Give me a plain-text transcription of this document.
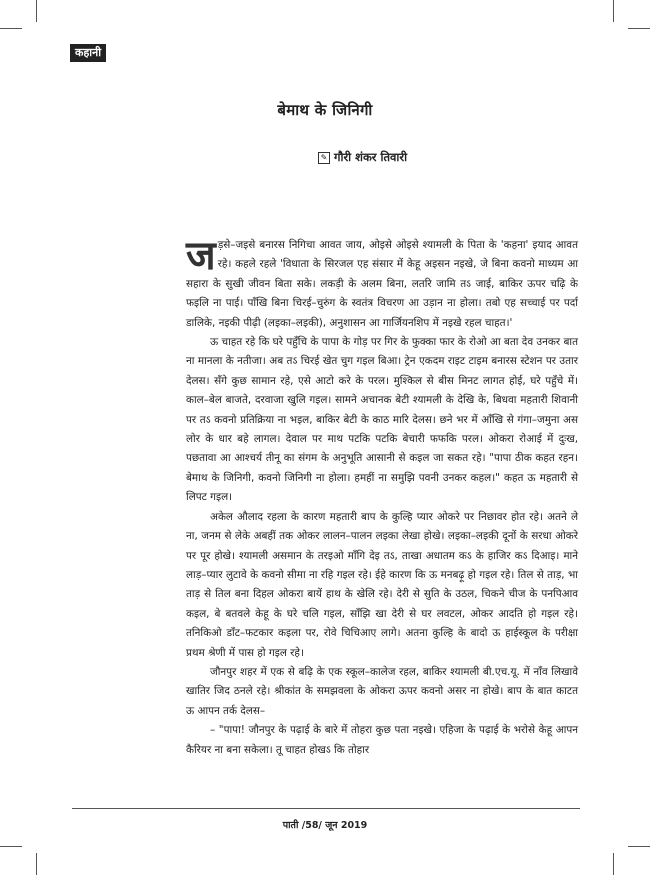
कहानी
बेमाथ के जिनिगी
✎ गौरी शंकर तिवारी

जड़से–जइसे बनारस निगिचा आवत जाय, ओइसे ओइसे श्यामली के पिता के 'कहना' इयाद आवत रहे। कहले रहले 'विधाता के सिरजल एह संसार में केहू अइसन नइखे, जे बिना कवनो माध्यम आ सहारा के सुखी जीवन बिता सके। लकड़ी के अलम बिना, लतरि जामि तऽ जाई, बाकिर ऊपर चढ़ि के फइलि ना पाई। पाँखि बिना चिरई–चुरुंग के स्वतंत्र विचरण आ उड़ान ना होला। तबो एह सच्चाई पर पर्दा डालिके, नइकी पीढ़ी (लइका–लइकी), अनुशासन आ गार्जियनशिप में नइखे रहल चाहत।'

ऊ चाहत रहे कि घरे पहुँचि के पापा के गोड़ पर गिर के फुक्का फार के रोओ आ बता देव उनकर बात ना मानला के नतीजा। अब तऽ चिरई खेत चुग गइल बिआ। ट्रेन एकदम राइट टाइम बनारस स्टेशन पर उतार देलस। सँगे कुछ सामान रहे, एसे आटो करे के परल। मुश्किल से बीस मिनट लागत होई, घरे पहुँचे में। काल–बेल बाजते, दरवाजा खुलि गइल। सामने अचानक बेटी श्यामली के देखि के, बिधवा महतारी शिवानी पर तऽ कवनो प्रतिक्रिया ना भइल, बाकिर बेटी के काठ मारि देलस। छने भर में आँखि से गंगा–जमुना अस लोर के धार बहे लागल। देवाल पर माथ पटकि पटकि बेचारी फफकि परल। ओकरा रोआई में दुःख, पछतावा आ आश्चर्य तीनू का संगम के अनुभूति आसानी से कइल जा सकत रहे। "पापा ठीक कहत रहन। बेमाथ के जिनिगी, कवनो जिनिगी ना होला। हमहीं ना समुझि पवनी उनकर कहल।" कहत ऊ महतारी से लिपट गइल।

अकेल औलाद रहला के कारण महतारी बाप के कुल्हि प्यार ओकरे पर निछावर होत रहे। अतने ले ना, जनम से लेके अबहीं तक ओकर लालन–पालन लइका लेखा होखे। लइका–लइकी दूनों के सरधा ओकरे पर पूर होखे। श्यामली असमान के तरइओ माँगि देइ तऽ, ताखा अधातम कऽ के हाजिर कऽ दिआइ। माने लाड़–प्यार लुटावे के कवनो सीमा ना रहि गइल रहे। ईहे कारण कि ऊ मनबढ़ू हो गइल रहे। तिल से ताड़, भा ताड़ से तिल बना दिहल ओकरा बायें हाथ के खेलि रहे। देरी से सुति के उठल, चिकने चीज के पनपिआव कइल, बे बतवले केहू के घरे चलि गइल, साँझि खा देरी से घर लवटल, ओकर आदति हो गइल रहे। तनिकिओ डाँट–फटकार कइला पर, रोवे चिचिआए लागे। अतना कुल्हि के बादो ऊ हाईस्कूल के परीक्षा प्रथम श्रेणी में पास हो गइल रहे।

जौनपुर शहर में एक से बढ़ि के एक स्कूल–कालेज रहल, बाकिर श्यामली बी.एच.यू. में नाँव लिखावे खातिर जिद ठनले रहे। श्रीकांत के समझवला के ओकरा ऊपर कवनो असर ना होखे। बाप के बात काटत ऊ आपन तर्क देलस–

– "पापा! जौनपुर के पढ़ाई के बारे में तोहरा कुछ पता नइखे। एहिजा के पढ़ाई के भरोसे केहू आपन कैरियर ना बना सकेला। तू चाहत होखऽ कि तोहार

पाती /58/ जून 2019
